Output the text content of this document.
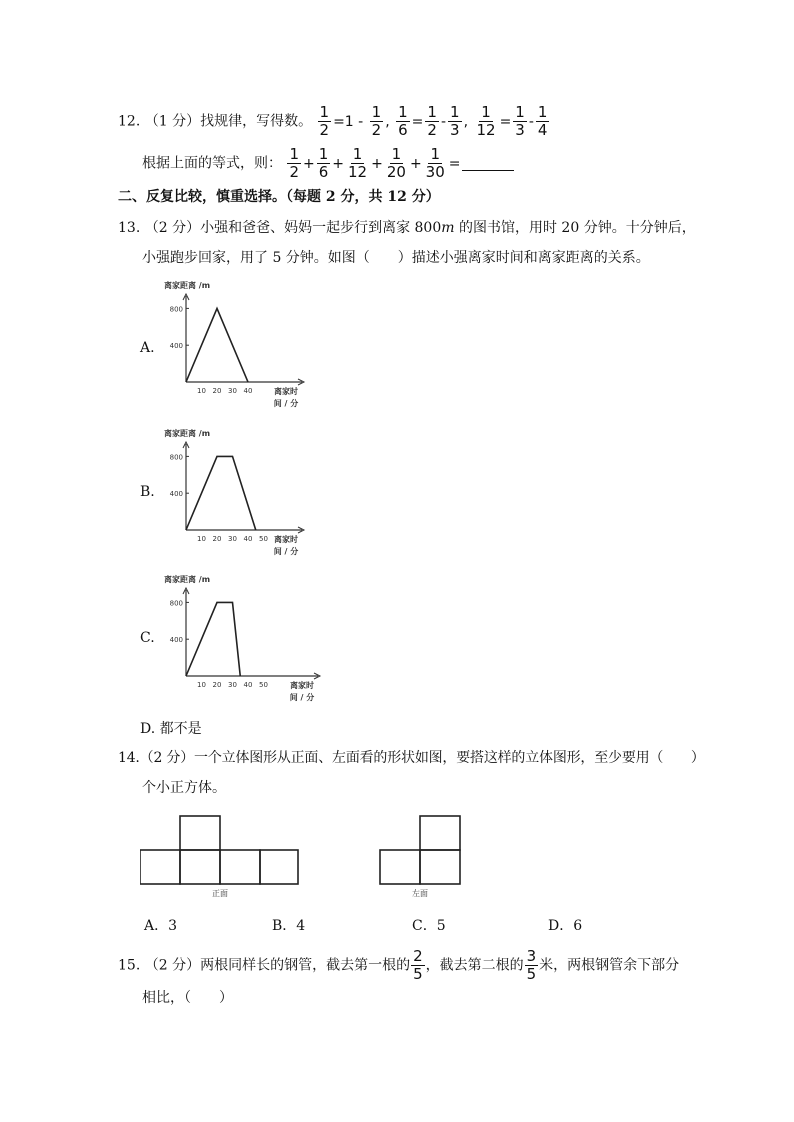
12. （1 分）找规律，写得数。 $\frac{1}{2} =1 - \frac{1}{2}$ , $\frac{1}{6} = \frac{1}{2} - \frac{1}{3}$ , $\frac{1}{12} = \frac{1}{3} - \frac{1}{4}$
根据上面的等式，则： $\frac{1}{2} + \frac{1}{6} + \frac{1}{12} + \frac{1}{20} + \frac{1}{30}$ =
二、反复比较，慎重选择。（每题 2 分，共 12 分）
13. （2 分）小强和爸爸、妈妈一起步行到离家 800m 的图书馆，用时 20 分钟。十分钟后，
小强跑步回家，用了 5 分钟。如图（　　）描述小强离家时间和离家距离的关系。
A.
B.
C.
D. 都不是
离家距离 /m
400
800
10 20 30 40	离家时
间 / 分
离家距离 /m
400
800
10 20 30 40 50 离家时
间 / 分
离家距离 /m
400
800
10 20 30 40 50	离家时
间 / 分
14.（2 分）一个立体图形从正面、左面看的形状如图，要搭这样的立体图形，至少要用（　　）
个小正方体。
正面	左面
A．3	B．4	C．5	D．6
15. （2 分）两根同样长的钢管，截去第一根的 $\frac{2}{5}$ ，截去第二根的 $\frac{3}{5}$ 米，两根钢管余下部分
相比，（　　）
